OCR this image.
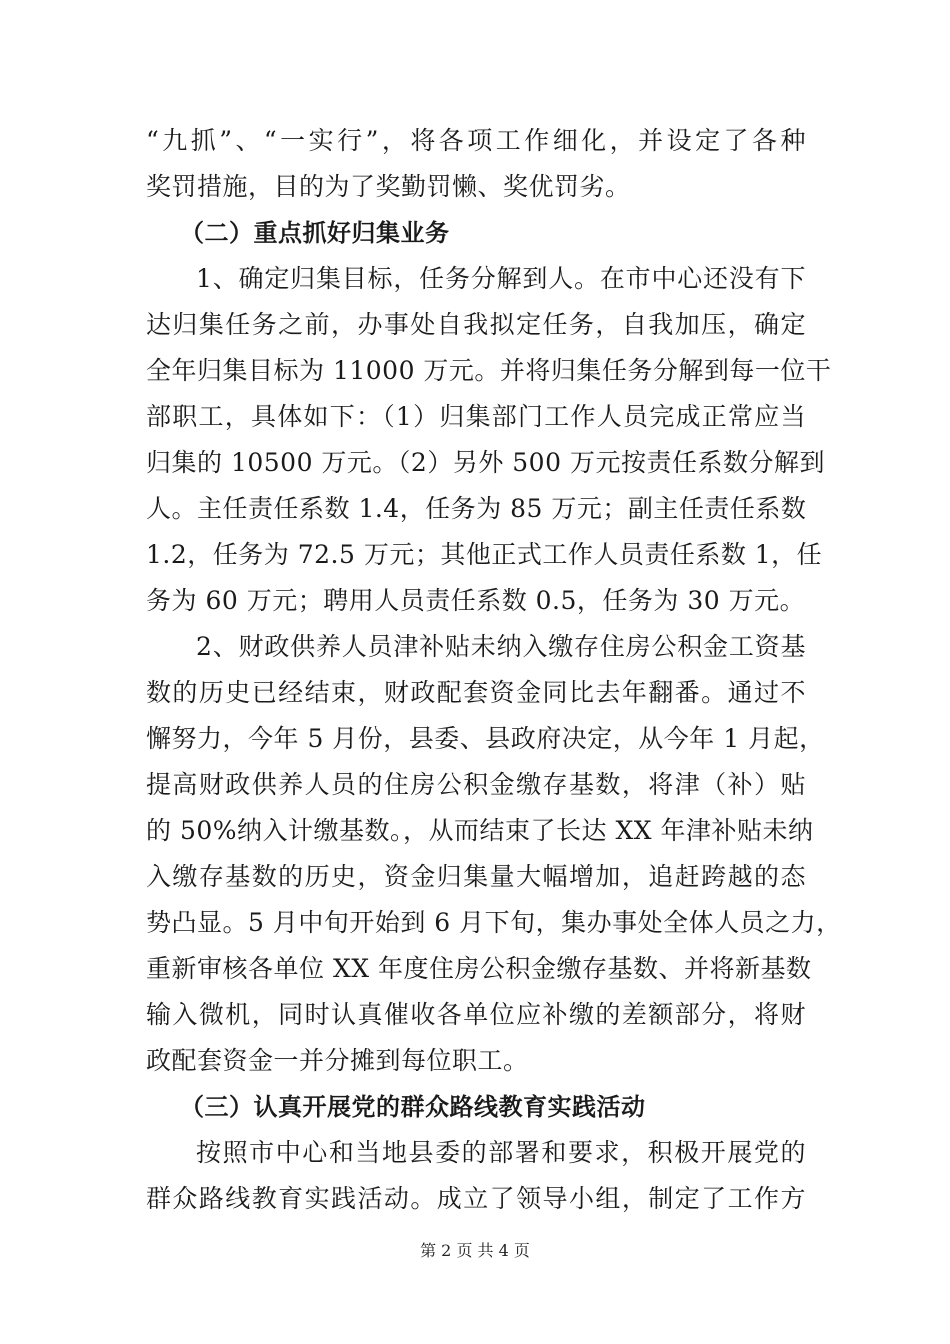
“九抓”、“一实行”，将各项工作细化，并设定了各种
奖罚措施，目的为了奖勤罚懒、奖优罚劣。
（二）重点抓好归集业务
1、确定归集目标，任务分解到人。在市中心还没有下
达归集任务之前，办事处自我拟定任务，自我加压，确定
全年归集目标为 11000 万元。并将归集任务分解到每一位干
部职工，具体如下：（1）归集部门工作人员完成正常应当
归集的 10500 万元。（2）另外 500 万元按责任系数分解到
人。主任责任系数 1.4，任务为 85 万元；副主任责任系数
1.2，任务为 72.5 万元；其他正式工作人员责任系数 1，任
务为 60 万元；聘用人员责任系数 0.5，任务为 30 万元。
2、财政供养人员津补贴未纳入缴存住房公积金工资基
数的历史已经结束，财政配套资金同比去年翻番。通过不
懈努力，今年 5 月份，县委、县政府决定，从今年 1 月起，
提高财政供养人员的住房公积金缴存基数，将津（补）贴
的 50%纳入计缴基数。，从而结束了长达 XX 年津补贴未纳
入缴存基数的历史，资金归集量大幅增加，追赶跨越的态
势凸显。5 月中旬开始到 6 月下旬，集办事处全体人员之力，
重新审核各单位 XX 年度住房公积金缴存基数、并将新基数
输入微机，同时认真催收各单位应补缴的差额部分，将财
政配套资金一并分摊到每位职工。
（三）认真开展党的群众路线教育实践活动
按照市中心和当地县委的部署和要求，积极开展党的
群众路线教育实践活动。成立了领导小组，制定了工作方
第 2 页 共 4 页
